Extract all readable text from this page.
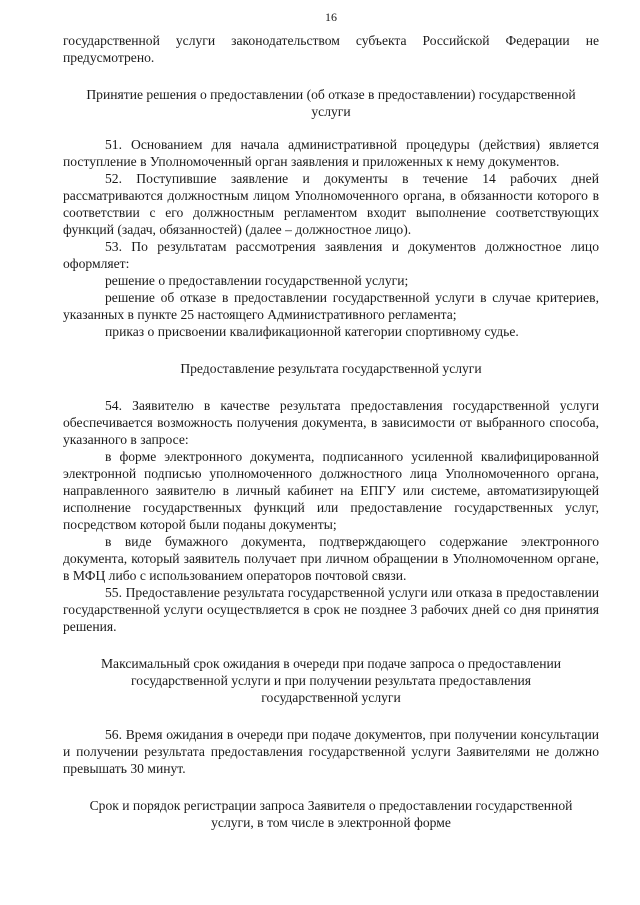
16

государственной услуги законодательством субъекта Российской Федерации не предусмотрено.

Принятие решения о предоставлении (об отказе в предоставлении) государственной услуги

51. Основанием для начала административной процедуры (действия) является поступление в Уполномоченный орган заявления и приложенных к нему документов.

52. Поступившие заявление и документы в течение 14 рабочих дней рассматриваются должностным лицом Уполномоченного органа, в обязанности которого в соответствии с его должностным регламентом входит выполнение соответствующих функций (задач, обязанностей) (далее – должностное лицо).

53. По результатам рассмотрения заявления и документов должностное лицо оформляет:

решение о предоставлении государственной услуги;

решение об отказе в предоставлении государственной услуги в случае критериев, указанных в пункте 25 настоящего Административного регламента;

приказ о присвоении квалификационной категории спортивному судье.

Предоставление результата государственной услуги

54. Заявителю в качестве результата предоставления государственной услуги обеспечивается возможность получения документа, в зависимости от выбранного способа, указанного в запросе:

в форме электронного документа, подписанного усиленной квалифицированной электронной подписью уполномоченного должностного лица Уполномоченного органа, направленного заявителю в личный кабинет на ЕПГУ или системе, автоматизирующей исполнение государственных функций или предоставление государственных услуг, посредством которой были поданы документы;

в виде бумажного документа, подтверждающего содержание электронного документа, который заявитель получает при личном обращении в Уполномоченном органе, в МФЦ либо с использованием операторов почтовой связи.

55. Предоставление результата государственной услуги или отказа в предоставлении государственной услуги осуществляется в срок не позднее 3 рабочих дней со дня принятия решения.

Максимальный срок ожидания в очереди при подаче запроса о предоставлении государственной услуги и при получении результата предоставления государственной услуги

56. Время ожидания в очереди при подаче документов, при получении консультации и получении результата предоставления государственной услуги Заявителями не должно превышать 30 минут.

Срок и порядок регистрации запроса Заявителя о предоставлении государственной услуги, в том числе в электронной форме
